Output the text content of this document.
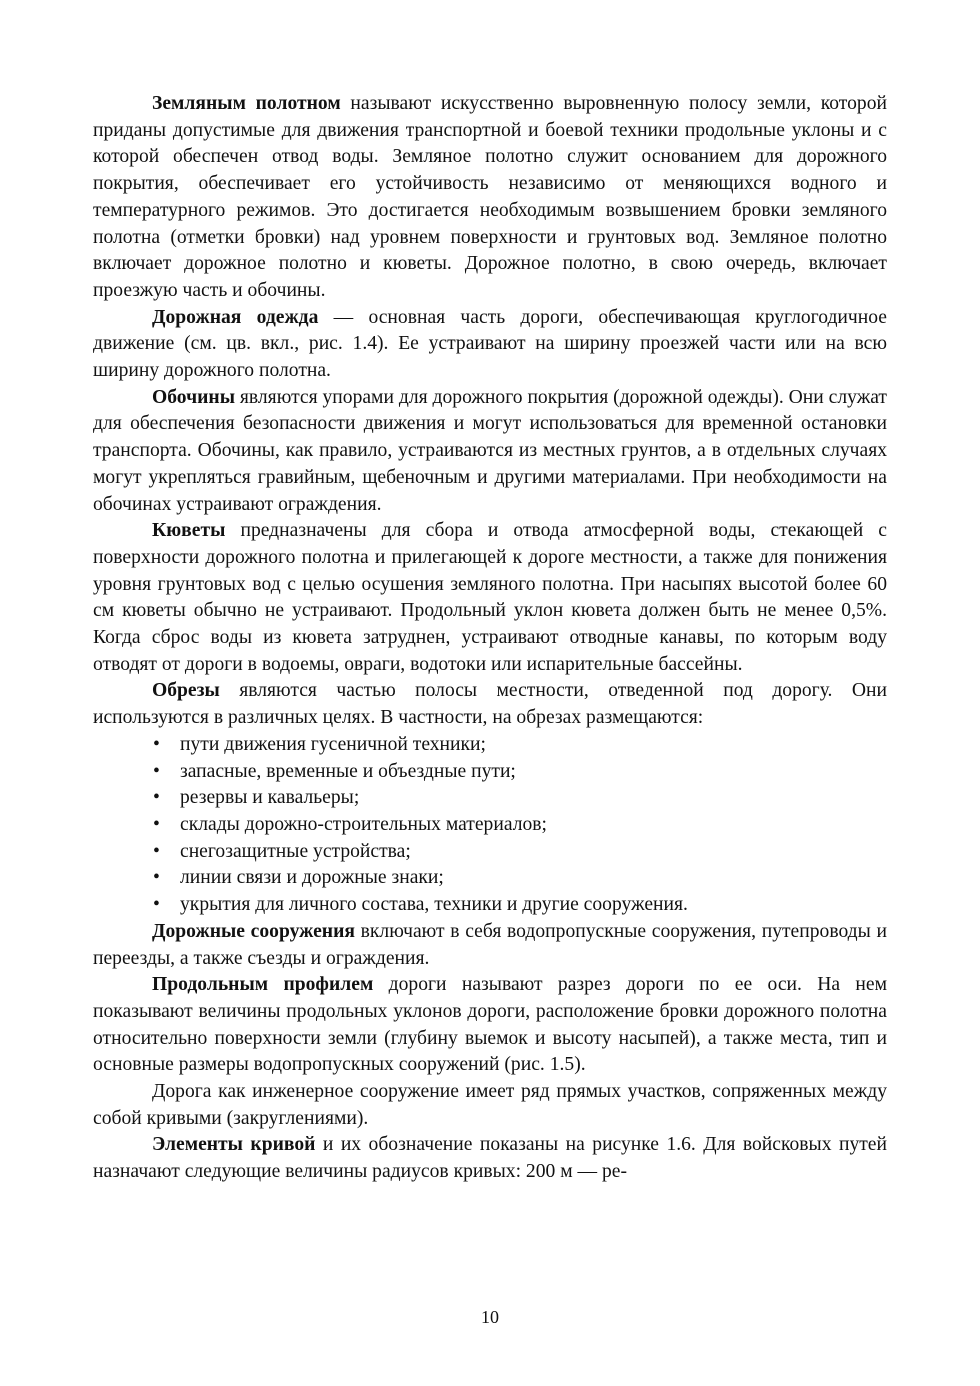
Земляным полотном называют искусственно выровненную полосу земли, которой приданы допустимые для движения транспортной и боевой техники продольные уклоны и с которой обеспечен отвод воды. Земляное полотно служит основанием для дорожного покрытия, обеспечивает его устойчивость независимо от меняющихся водного и температурного режимов. Это достигается необходимым возвышением бровки земляного полотна (отметки бровки) над уровнем поверхности и грунтовых вод. Земляное полотно включает дорожное полотно и кюветы. Дорожное полотно, в свою очередь, включает проезжую часть и обочины.

Дорожная одежда — основная часть дороги, обеспечивающая круглогодичное движение (см. цв. вкл., рис. 1.4). Ее устраивают на ширину проезжей части или на всю ширину дорожного полотна.

Обочины являются упорами для дорожного покрытия (дорожной одежды). Они служат для обеспечения безопасности движения и могут использоваться для временной остановки транспорта. Обочины, как правило, устраиваются из местных грунтов, а в отдельных случаях могут укрепляться гравийным, щебеночным и другими материалами. При необходимости на обочинах устраивают ограждения.

Кюветы предназначены для сбора и отвода атмосферной воды, стекающей с поверхности дорожного полотна и прилегающей к дороге местности, а также для понижения уровня грунтовых вод с целью осушения земляного полотна. При насыпях высотой более 60 см кюветы обычно не устраивают. Продольный уклон кювета должен быть не менее 0,5%. Когда сброс воды из кювета затруднен, устраивают отводные канавы, по которым воду отводят от дороги в водоемы, овраги, водотоки или испарительные бассейны.

Обрезы являются частью полосы местности, отведенной под дорогу. Они используются в различных целях. В частности, на обрезах размещаются:

• пути движения гусеничной техники;
• запасные, временные и объездные пути;
• резервы и кавальеры;
• склады дорожно-строительных материалов;
• снегозащитные устройства;
• линии связи и дорожные знаки;
• укрытия для личного состава, техники и другие сооружения.

Дорожные сооружения включают в себя водопропускные сооружения, путепроводы и переезды, а также съезды и ограждения.

Продольным профилем дороги называют разрез дороги по ее оси. На нем показывают величины продольных уклонов дороги, расположение бровки дорожного полотна относительно поверхности земли (глубину выемок и высоту насыпей), а также места, тип и основные размеры водопропускных сооружений (рис. 1.5).

Дорога как инженерное сооружение имеет ряд прямых участков, сопряженных между собой кривыми (закруглениями).

Элементы кривой и их обозначение показаны на рисунке 1.6. Для войсковых путей назначают следующие величины радиусов кривых: 200 м — ре-

10
